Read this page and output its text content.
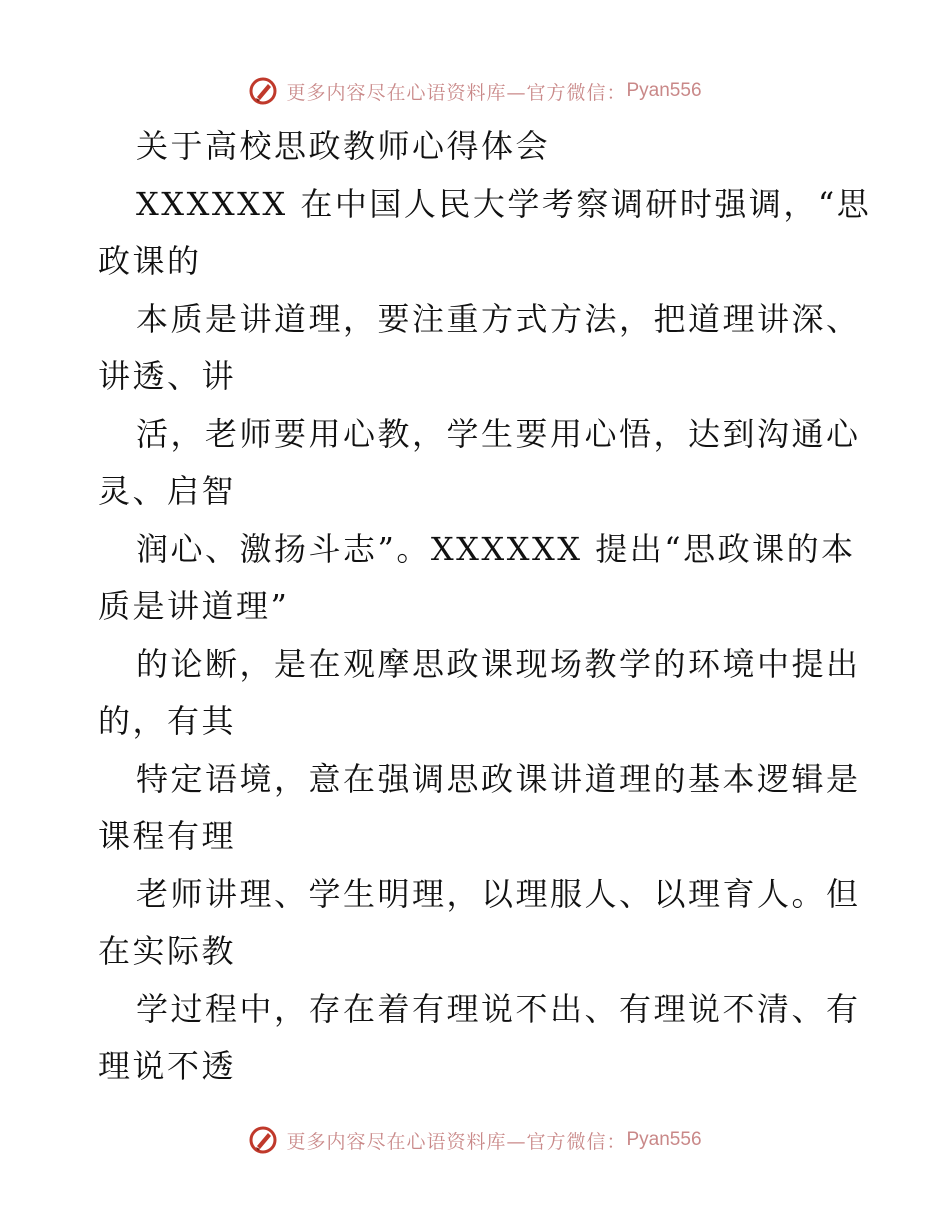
更多内容尽在心语资料库—官方微信： Pyan556
关于高校思政教师心得体会
XXXXXX 在中国人民大学考察调研时强调，“思
政课的
本质是讲道理，要注重方式方法，把道理讲深、
讲透、讲
活，老师要用心教，学生要用心悟，达到沟通心
灵、启智
润心、激扬斗志”。XXXXXX 提出“思政课的本
质是讲道理”
的论断，是在观摩思政课现场教学的环境中提出
的，有其
特定语境，意在强调思政课讲道理的基本逻辑是
课程有理
老师讲理、学生明理，以理服人、以理育人。但
在实际教
学过程中，存在着有理说不出、有理说不清、有
理说不透
更多内容尽在心语资料库—官方微信： Pyan556
